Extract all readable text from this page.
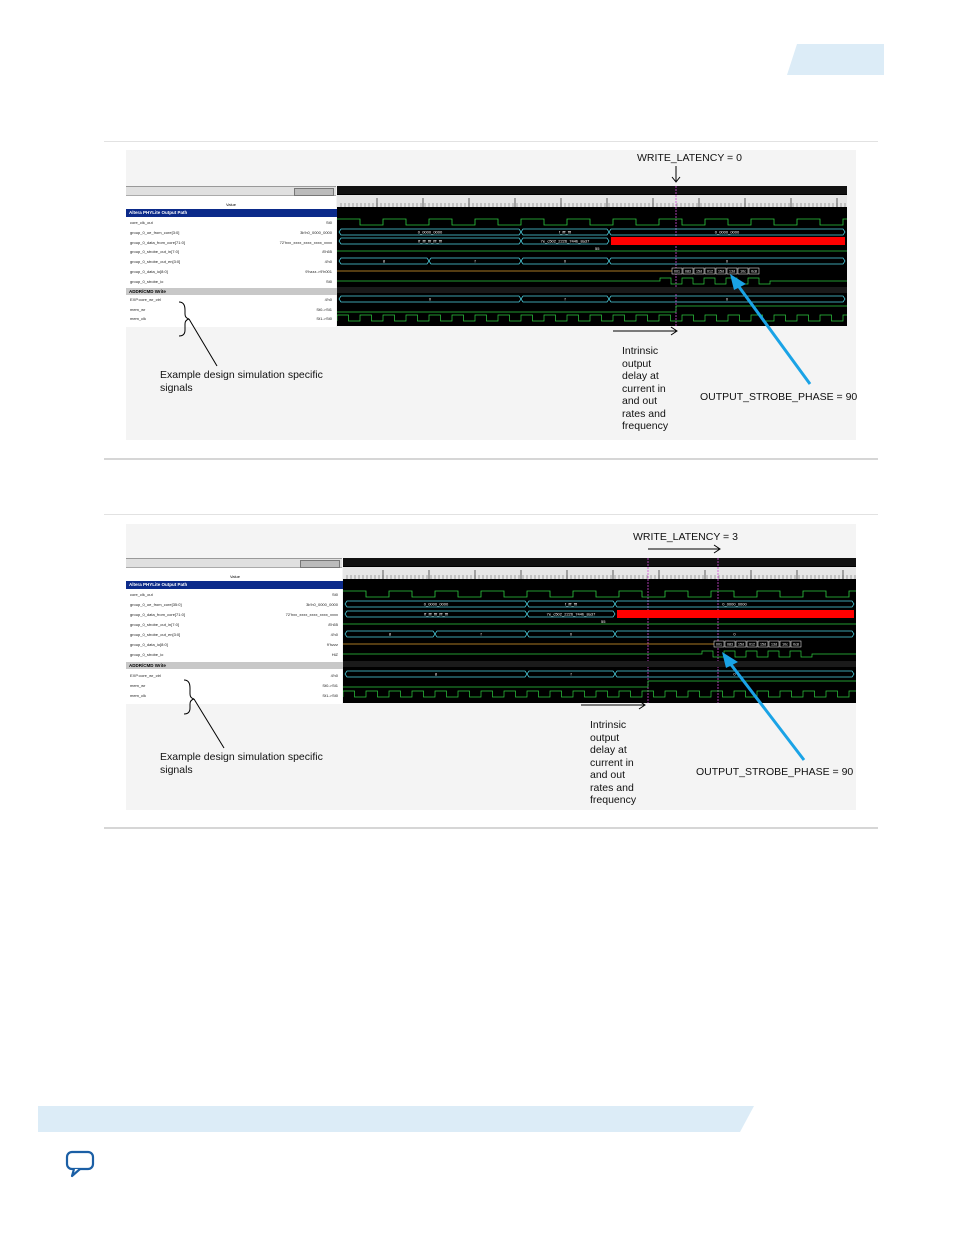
WRITE_LATENCY = 0
Value
Altera PHYLite Output Path
core_clk_out	St0
group_0_oe_from_core[3:0]	3b'h0_0000_0000
group_0_data_from_core[71:0]	72'hxx_xxxx_xxxx_xxxx_xxxx
group_0_strobe_out_in[7:0]	8'h55
group_0_strobe_out_en[3:0]	4'h0
group_0_data_io[8:0]	9'hzzz->9'h001
group_0_strobe_io	St0
ADDR/CMD Write
EXP:core_wr_ctrl	4'h0
mem_wr	St0->St1
mem_clk	St1->St0
0_0000_0000	f_fff_fff	0_0000_0000
ff_fff_fff_fff_fff	7e_c502_2226_744b_8a37
55
8	f	0	0
001 083 15d 012 15d 13d 10c 0c8
0	f	0
Example design simulation specific signals
Intrinsic
output
delay at
current in
and out
rates and
frequency
OUTPUT_STROBE_PHASE = 90
WRITE_LATENCY = 3
Value
Altera PHYLite Output Path
core_clk_out	St0
group_0_oe_from_core[35:0]	3b'h0_0000_0000
group_0_data_from_core[71:0]	72'hxx_xxxx_xxxx_xxxx_xxxx
group_0_strobe_out_in[7:0]	8'h55
group_0_strobe_out_en[3:0]	4'h0
group_0_data_io[8:0]	9'hzzz
group_0_strobe_io	HiZ
ADDR/CMD Write
EXP:core_wr_ctrl	4'h0
mem_wr	St0->St1
mem_clk	St1->St0
0_0000_0000	f_fff_fff	0_0000_0000
ff_fff_fff_fff_fff	7e_c502_2226_744b_8a37
55
8	f	0	0
001 083 15d 012 15d 13d 10c 0c8
8	f	0
Example design simulation specific signals
Intrinsic
output
delay at
current in
and out
rates and
frequency
OUTPUT_STROBE_PHASE = 90
